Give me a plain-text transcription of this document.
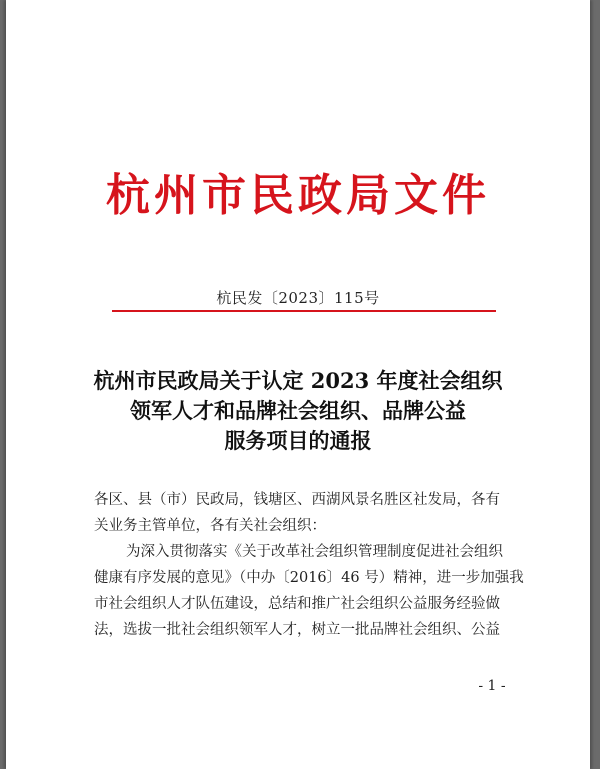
杭州市民政局文件
杭民发〔2023〕115号
杭州市民政局关于认定 2023 年度社会组织
领军人才和品牌社会组织、品牌公益
服务项目的通报
各区、县（市）民政局，钱塘区、西湖风景名胜区社发局，各有
关业务主管单位，各有关社会组织：
为深入贯彻落实《关于改革社会组织管理制度促进社会组织
健康有序发展的意见》（中办〔2016〕46 号）精神，进一步加强我
市社会组织人才队伍建设，总结和推广社会组织公益服务经验做
法，选拔一批社会组织领军人才，树立一批品牌社会组织、公益
- 1 -
